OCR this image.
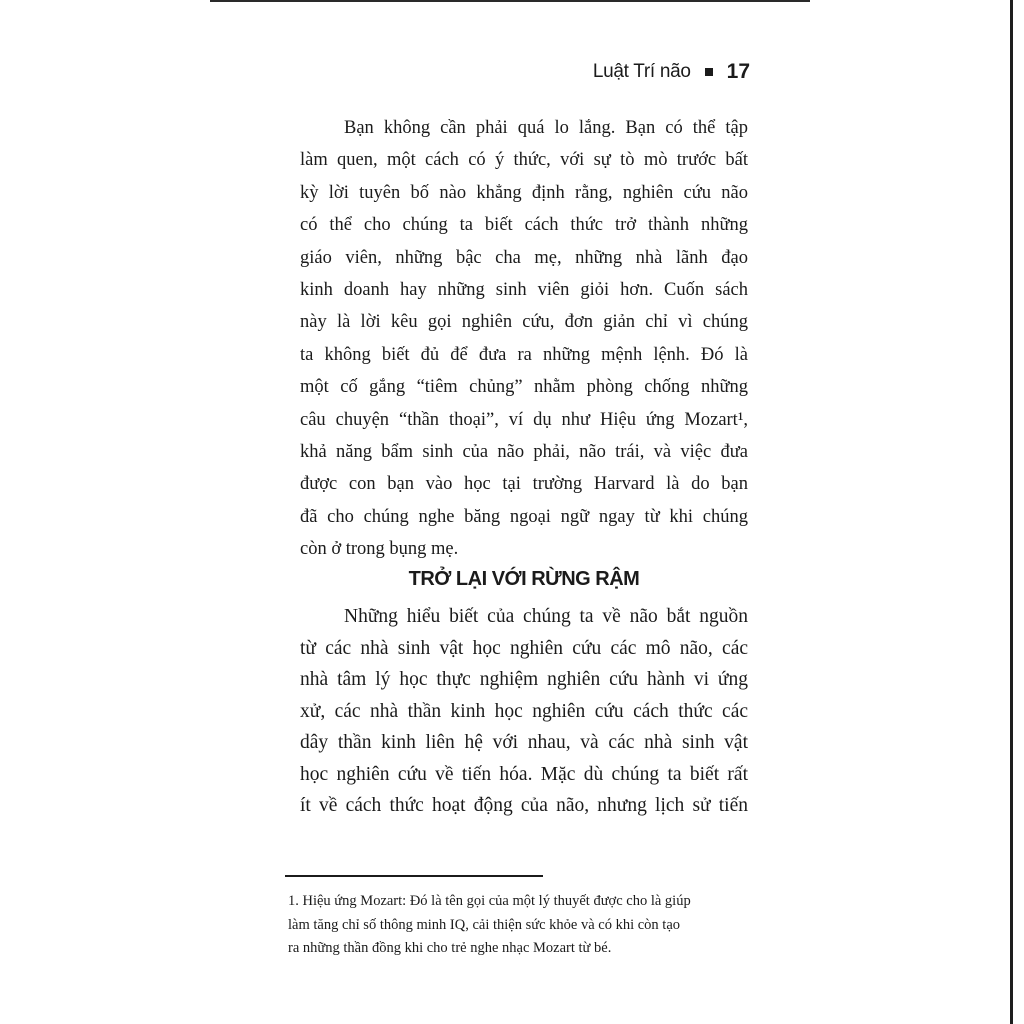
Luật Trí não 17
Bạn không cần phải quá lo lắng. Bạn có thể tập
làm quen, một cách có ý thức, với sự tò mò trước bất
kỳ lời tuyên bố nào khẳng định rằng, nghiên cứu não
có thể cho chúng ta biết cách thức trở thành những
giáo viên, những bậc cha mẹ, những nhà lãnh đạo
kinh doanh hay những sinh viên giỏi hơn. Cuốn sách
này là lời kêu gọi nghiên cứu, đơn giản chỉ vì chúng
ta không biết đủ để đưa ra những mệnh lệnh. Đó là
một cố gắng “tiêm chủng” nhằm phòng chống những
câu chuyện “thần thoại”, ví dụ như Hiệu ứng Mozart¹,
khả năng bẩm sinh của não phải, não trái, và việc đưa
được con bạn vào học tại trường Harvard là do bạn
đã cho chúng nghe băng ngoại ngữ ngay từ khi chúng
còn ở trong bụng mẹ.
TRỞ LẠI VỚI RỪNG RẬM
Những hiểu biết của chúng ta về não bắt nguồn
từ các nhà sinh vật học nghiên cứu các mô não, các
nhà tâm lý học thực nghiệm nghiên cứu hành vi ứng
xử, các nhà thần kinh học nghiên cứu cách thức các
dây thần kinh liên hệ với nhau, và các nhà sinh vật
học nghiên cứu về tiến hóa. Mặc dù chúng ta biết rất
ít về cách thức hoạt động của não, nhưng lịch sử tiến
1. Hiệu ứng Mozart: Đó là tên gọi của một lý thuyết được cho là giúp
làm tăng chỉ số thông minh IQ, cải thiện sức khỏe và có khi còn tạo
ra những thần đồng khi cho trẻ nghe nhạc Mozart từ bé.
